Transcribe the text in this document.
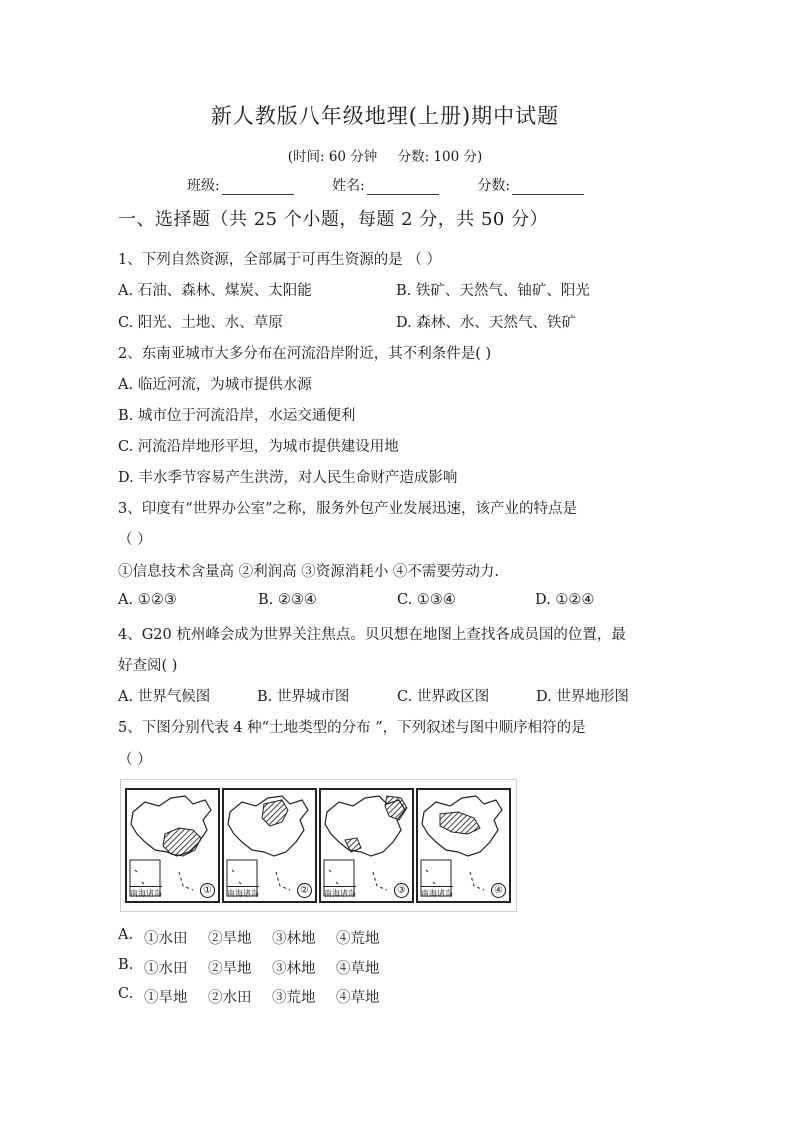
新人教版八年级地理(上册)期中试题
(时间: 60 分钟 分数: 100 分)
班级:	姓名:	分数:
一、选择题（共 25 个小题，每题 2 分，共 50 分）
1、下列自然资源，全部属于可再生资源的是 （ ）
A. 石油、森林、煤炭、太阳能	B. 铁矿、天然气、铀矿、阳光
C. 阳光、土地、水、草原	D. 森林、水、天然气、铁矿
2、东南亚城市大多分布在河流沿岸附近，其不利条件是( )
A. 临近河流，为城市提供水源
B. 城市位于河流沿岸，水运交通便利
C. 河流沿岸地形平坦，为城市提供建设用地
D. 丰水季节容易产生洪涝，对人民生命财产造成影响
3、印度有“世界办公室”之称，服务外包产业发展迅速，该产业的特点是
（ ）
①信息技术含量高 ②利润高 ③资源消耗小 ④不需要劳动力.
A. ①②③	B. ②③④	C. ①③④	D. ①②④
4、G20 杭州峰会成为世界关注焦点。贝贝想在地图上查找各成员国的位置，最
好查阅( )
A. 世界气候图	B. 世界城市图	C. 世界政区图	D. 世界地形图
5、下图分别代表 4 种“土地类型的分布 ”，下列叙述与图中顺序相符的是
（ ）
南海诸岛	①	南海诸岛	②	南海诸岛	③	南海诸岛	④
A. ①水田 ②旱地 ③林地 ④荒地
B. ①水田 ②旱地 ③林地 ④草地
C. ①旱地 ②水田 ③荒地 ④草地
